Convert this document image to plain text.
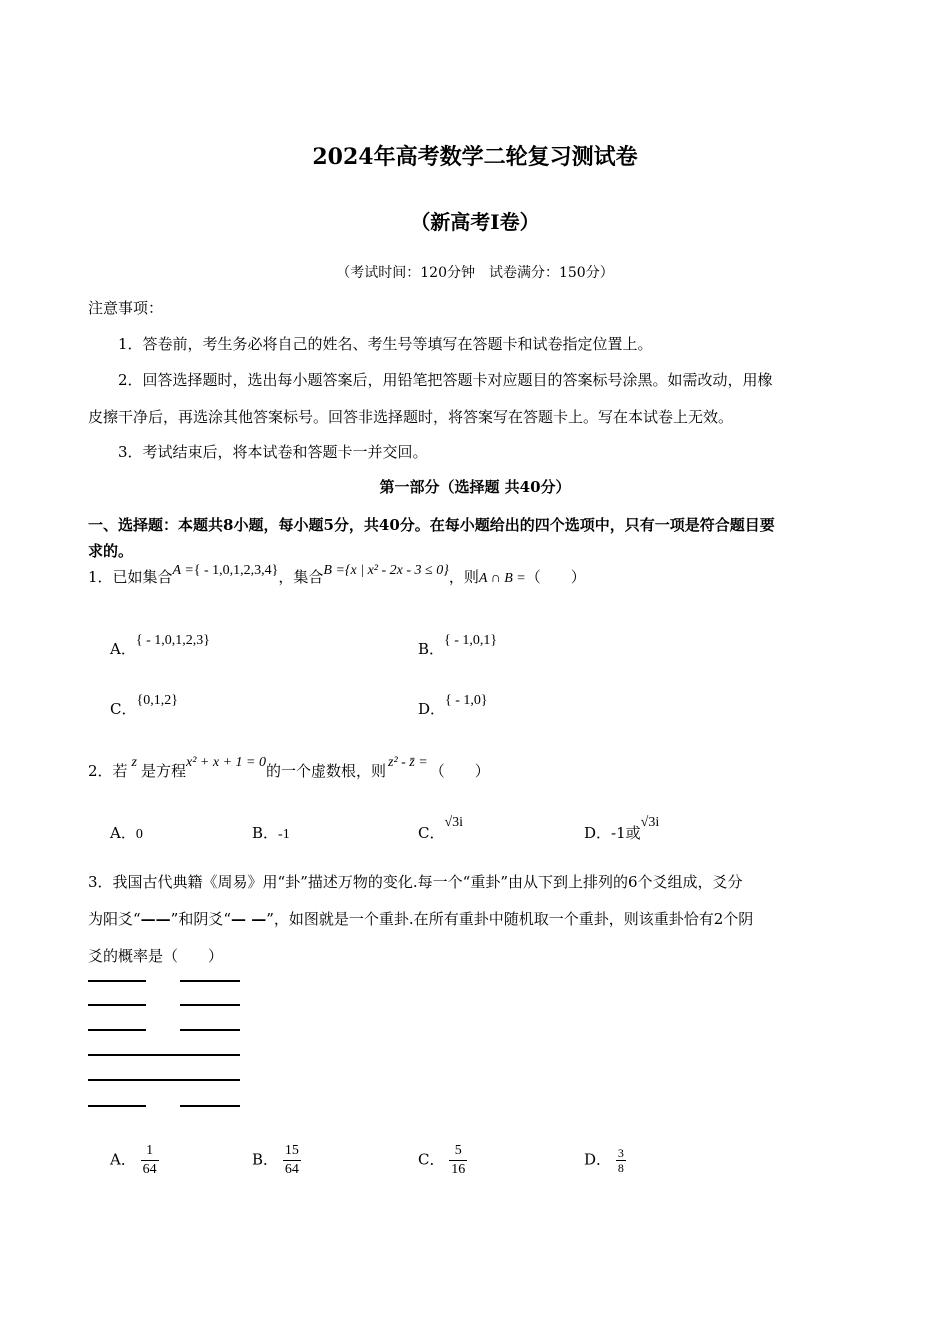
2024年高考数学二轮复习测试卷
（新高考Ⅰ卷）
（考试时间：120分钟　试卷满分：150分）
注意事项：
1．答卷前，考生务必将自己的姓名、考生号等填写在答题卡和试卷指定位置上。
2．回答选择题时，选出每小题答案后，用铅笔把答题卡对应题目的答案标号涂黑。如需改动，用橡
皮擦干净后，再选涂其他答案标号。回答非选择题时，将答案写在答题卡上。写在本试卷上无效。
3．考试结束后，将本试卷和答题卡一并交回。
第一部分（选择题 共40分）
一、选择题：本题共8小题，每小题5分，共40分。在每小题给出的四个选项中，只有一项是符合题目要
求的。
1．已如集合A ={ - 1,0,1,2,3,4}，集合B ={x | x² - 2x - 3 ≤ 0}，则A ∩ B =（　　）
A．{ - 1,0,1,2,3}	B．{ - 1,0,1}
C．{0,1,2}	D．{ - 1,0}
2．若 z 是方程x² + x + 1 = 0的一个虚数根，则 z² - z̄ = （　　）
A．0	B．-1	C．√3i
D．-1或√3i
3．我国古代典籍《周易》用“卦”描述万物的变化.每一个“重卦”由从下到上排列的6个爻组成，爻分
为阳爻“——”和阴爻“— —”，如图就是一个重卦.在所有重卦中随机取一个重卦，则该重卦恰有2个阴
爻的概率是（　　）
A． $\frac{1}{64}$	B． $\frac{15}{64}$	C． $\frac{5}{16}$	D． $\frac{3}{8}$
